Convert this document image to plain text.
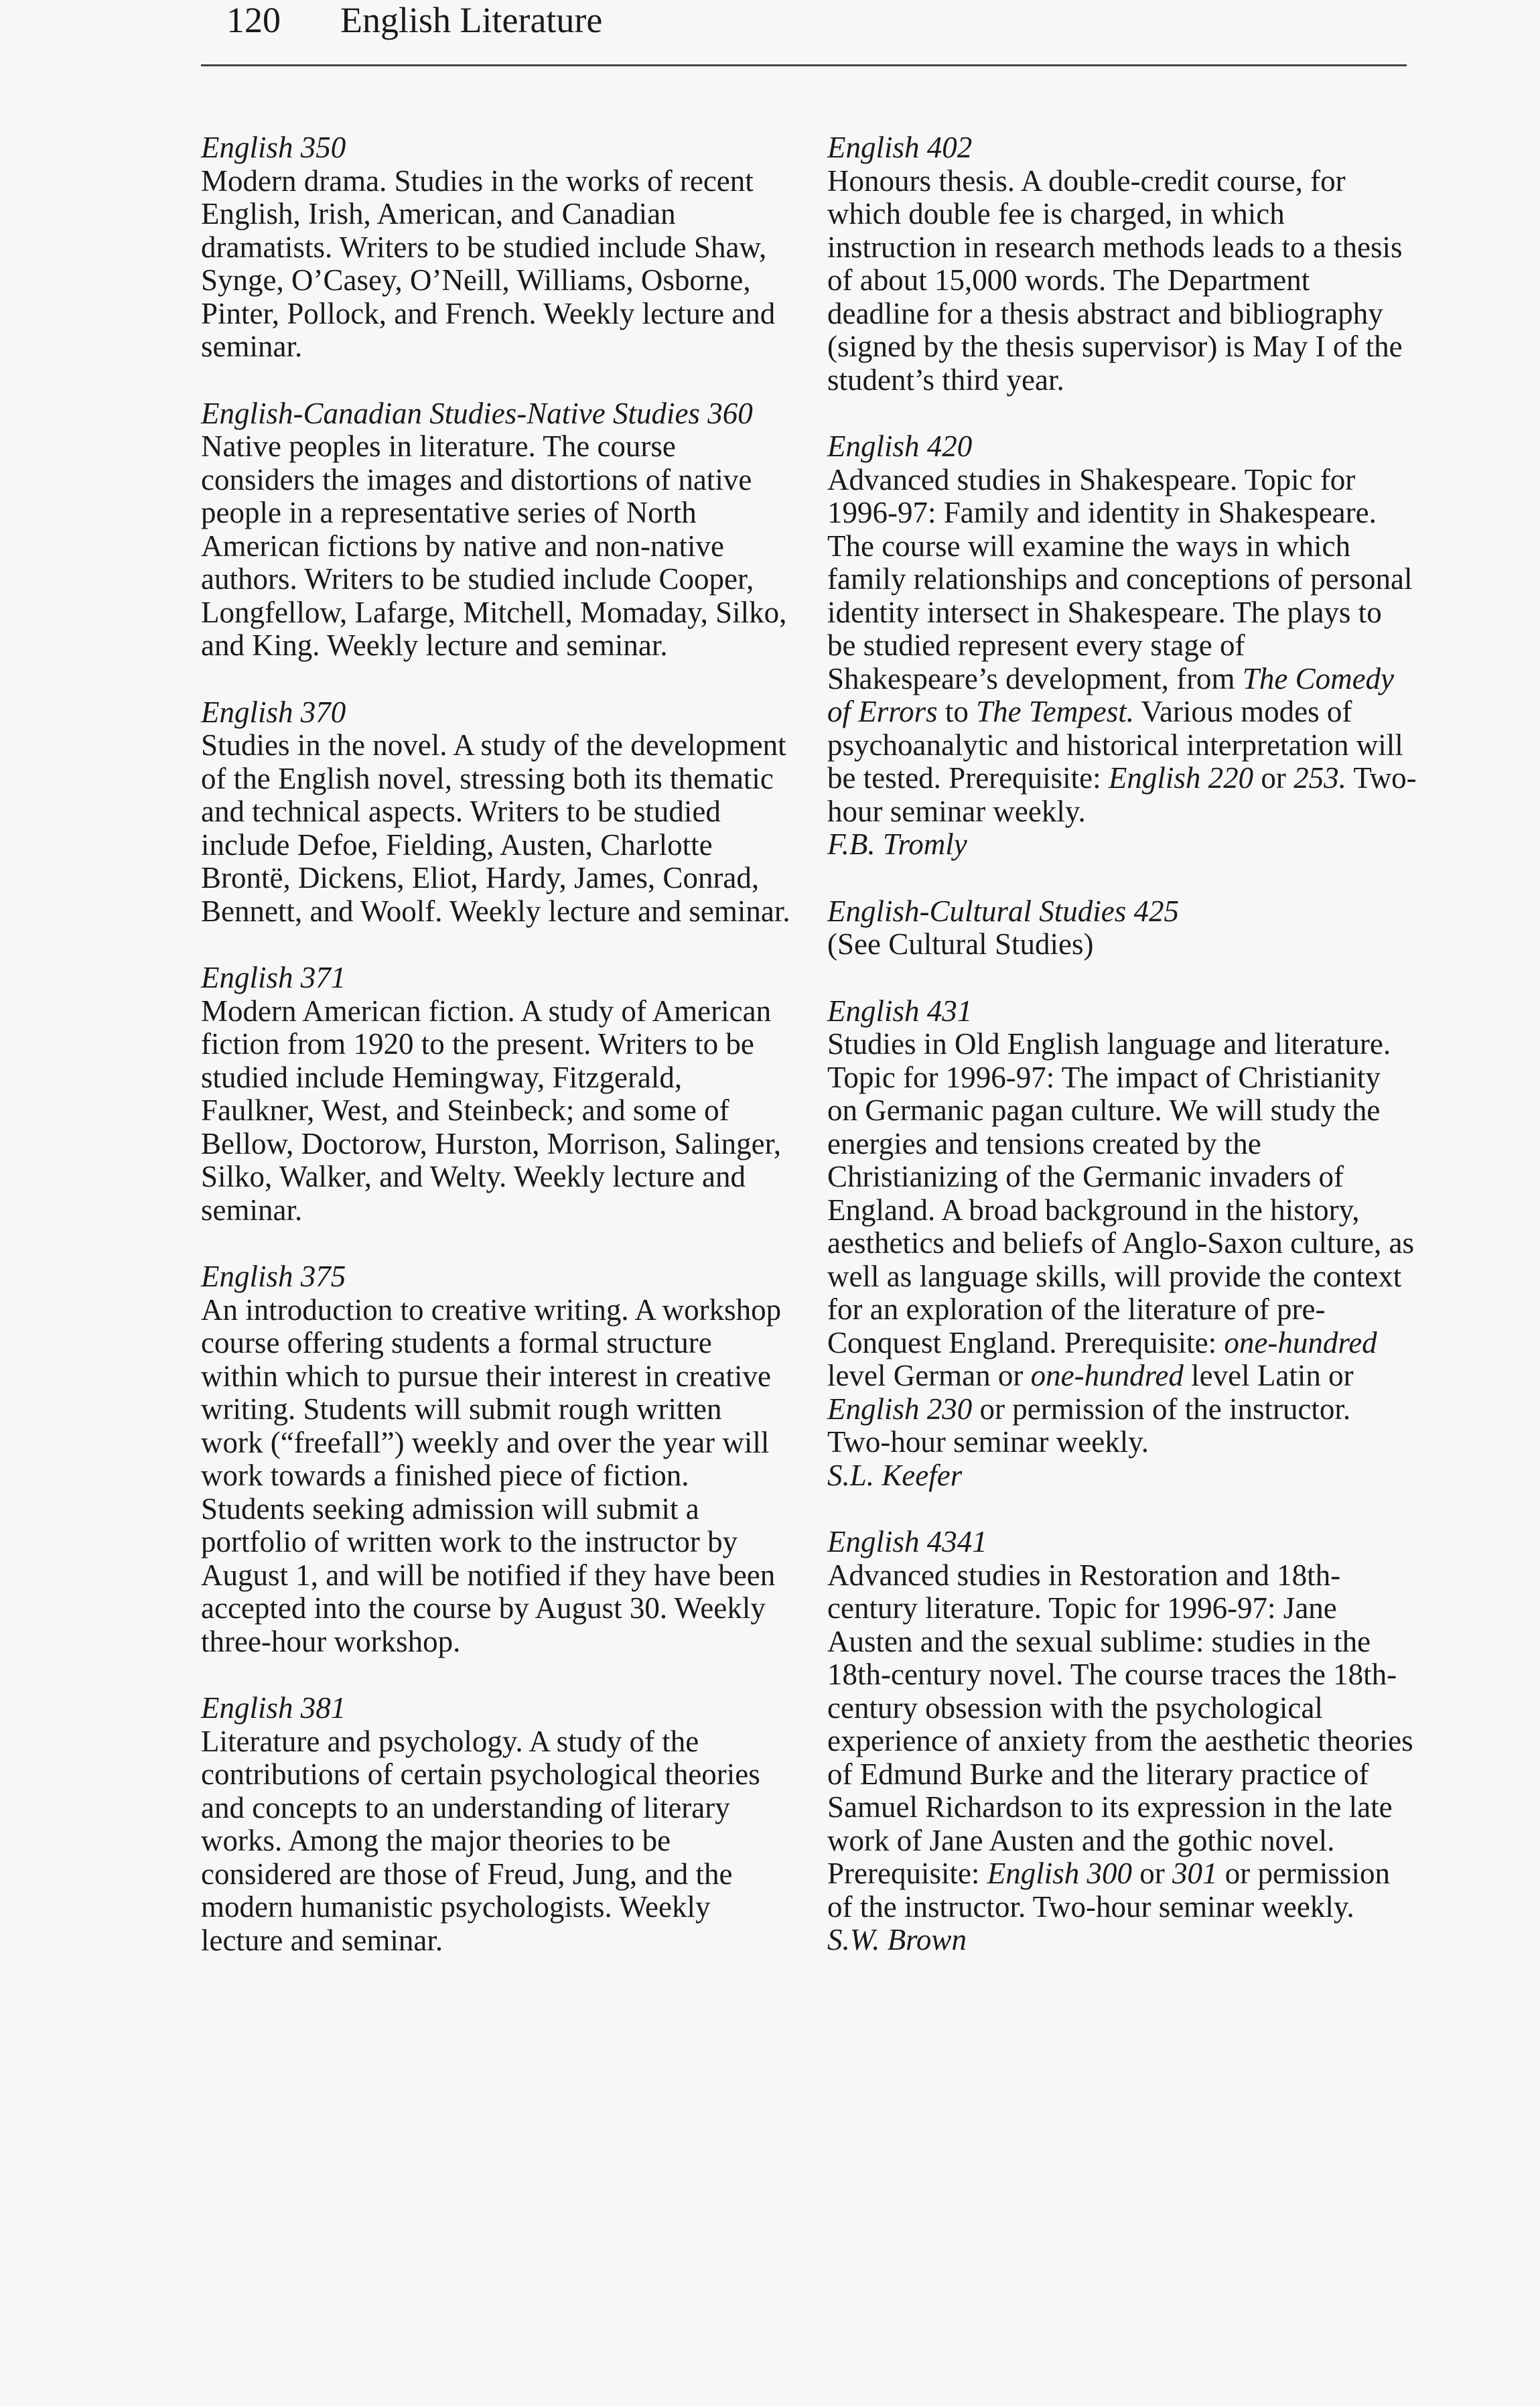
120 English Literature
English 350
Modern drama. Studies in the works of recent English, Irish, American, and Canadian dramatists. Writers to be studied include Shaw, Synge, O’Casey, O’Neill, Williams, Osborne, Pinter, Pollock, and French. Weekly lecture and seminar.
English-Canadian Studies-Native Studies 360
Native peoples in literature. The course considers the images and distortions of native people in a representative series of North American fictions by native and non-native authors. Writers to be studied include Cooper, Longfellow, Lafarge, Mitchell, Momaday, Silko, and King. Weekly lecture and seminar.
English 370
Studies in the novel. A study of the development of the English novel, stressing both its thematic and technical aspects. Writers to be studied include Defoe, Fielding, Austen, Charlotte Brontë, Dickens, Eliot, Hardy, James, Conrad, Bennett, and Woolf. Weekly lecture and seminar.
English 371
Modern American fiction. A study of American fiction from 1920 to the present. Writers to be studied include Hemingway, Fitzgerald, Faulkner, West, and Steinbeck; and some of Bellow, Doctorow, Hurston, Morrison, Salinger, Silko, Walker, and Welty. Weekly lecture and seminar.
English 375
An introduction to creative writing. A workshop course offering students a formal structure within which to pursue their interest in creative writing. Students will submit rough written work (“freefall”) weekly and over the year will work towards a finished piece of fiction. Students seeking admission will submit a portfolio of written work to the instructor by August 1, and will be notified if they have been accepted into the course by August 30. Weekly three-hour workshop.
English 381
Literature and psychology. A study of the contributions of certain psychological theories and concepts to an understanding of literary works. Among the major theories to be considered are those of Freud, Jung, and the modern humanistic psychologists. Weekly lecture and seminar.
English 402
Honours thesis. A double-credit course, for which double fee is charged, in which instruction in research methods leads to a thesis of about 15,000 words. The Department deadline for a thesis abstract and bibliography (signed by the thesis supervisor) is May I of the student’s third year.
English 420
Advanced studies in Shakespeare. Topic for 1996-97: Family and identity in Shakespeare. The course will examine the ways in which family relationships and conceptions of personal identity intersect in Shakespeare. The plays to be studied represent every stage of Shakespeare’s development, from The Comedy of Errors to The Tempest. Various modes of psychoanalytic and historical interpretation will be tested. Prerequisite: English 220 or 253. Two-hour seminar weekly.
F.B. Tromly
English-Cultural Studies 425
(See Cultural Studies)
English 431
Studies in Old English language and literature. Topic for 1996-97: The impact of Christianity on Germanic pagan culture. We will study the energies and tensions created by the Christianizing of the Germanic invaders of England. A broad background in the history, aesthetics and beliefs of Anglo-Saxon culture, as well as language skills, will provide the context for an exploration of the literature of pre-Conquest England. Prerequisite: one-hundred level German or one-hundred level Latin or English 230 or permission of the instructor. Two-hour seminar weekly.
S.L. Keefer
English 4341
Advanced studies in Restoration and 18th-century literature. Topic for 1996-97: Jane Austen and the sexual sublime: studies in the 18th-century novel. The course traces the 18th-century obsession with the psychological experience of anxiety from the aesthetic theories of Edmund Burke and the literary practice of Samuel Richardson to its expression in the late work of Jane Austen and the gothic novel. Prerequisite: English 300 or 301 or permission of the instructor. Two-hour seminar weekly.
S.W. Brown
